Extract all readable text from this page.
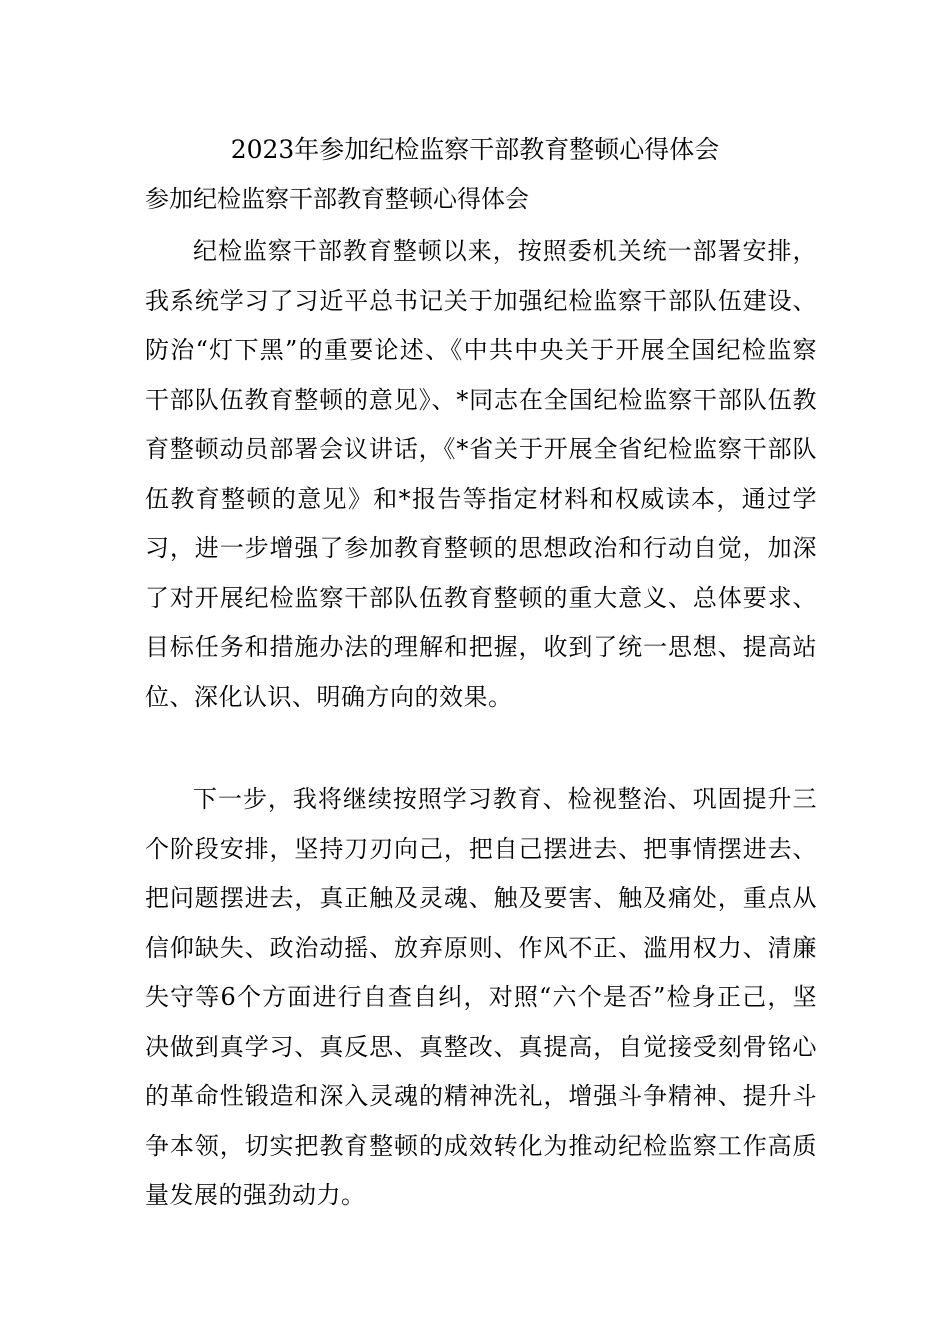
2023年参加纪检监察干部教育整顿心得体会
参加纪检监察干部教育整顿心得体会

纪检监察干部教育整顿以来，按照委机关统一部署安排，我系统学习了习近平总书记关于加强纪检监察干部队伍建设、防治“灯下黑”的重要论述、《中共中央关于开展全国纪检监察干部队伍教育整顿的意见》、*同志在全国纪检监察干部队伍教育整顿动员部署会议讲话，《*省关于开展全省纪检监察干部队伍教育整顿的意见》和*报告等指定材料和权威读本，通过学习，进一步增强了参加教育整顿的思想政治和行动自觉，加深了对开展纪检监察干部队伍教育整顿的重大意义、总体要求、目标任务和措施办法的理解和把握，收到了统一思想、提高站位、深化认识、明确方向的效果。

下一步，我将继续按照学习教育、检视整治、巩固提升三个阶段安排，坚持刀刃向己，把自己摆进去、把事情摆进去、把问题摆进去，真正触及灵魂、触及要害、触及痛处，重点从信仰缺失、政治动摇、放弃原则、作风不正、滥用权力、清廉失守等6个方面进行自查自纠，对照“六个是否”检身正己，坚决做到真学习、真反思、真整改、真提高，自觉接受刻骨铭心的革命性锻造和深入灵魂的精神洗礼，增强斗争精神、提升斗争本领，切实把教育整顿的成效转化为推动纪检监察工作高质量发展的强劲动力。
